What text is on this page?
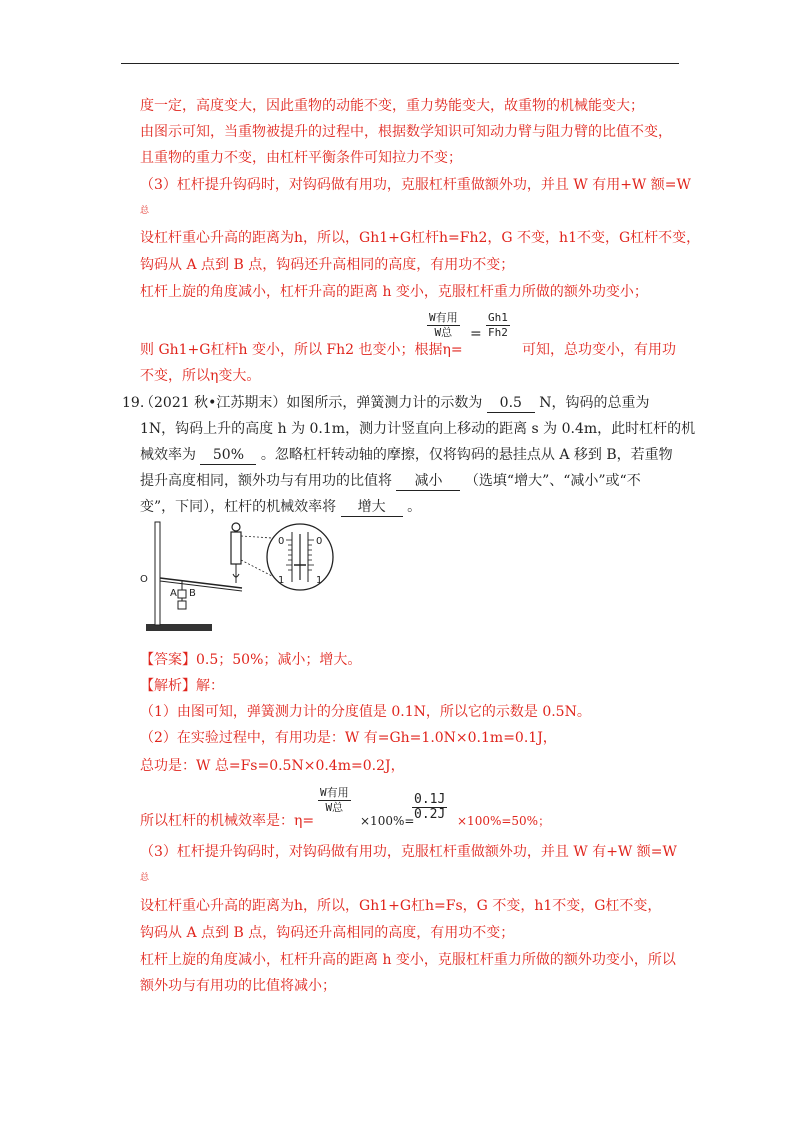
度一定，高度变大，因此重物的动能不变，重力势能变大，故重物的机械能变大；
由图示可知，当重物被提升的过程中，根据数学知识可知动力臂与阻力臂的比值不变，
且重物的重力不变，由杠杆平衡条件可知拉力不变；
（3）杠杆提升钩码时，对钩码做有用功，克服杠杆重做额外功，并且 W 有用+W 额=W
总
设杠杆重心升高的距离为h，所以，Gh1+G杠杆h=Fh2，G 不变，h1不变，G杠杆不变，
钩码从 A 点到 B 点，钩码还升高相同的高度，有用功不变；
杠杆上旋的角度减小，杠杆升高的距离 h 变小，克服杠杆重力所做的额外功变小；
W有用
W总	= $\frac{Gh1}{Fh2}$
则 Gh1+G杠杆h 变小，所以 Fh2 也变小；根据η=	可知，总功变小，有用功
不变，所以η变大。
19.
（2021 秋•江苏期末）如图所示，弹簧测力计的示数为 0.5 N，钩码的总重为
1N，钩码上升的高度 h 为 0.1m，测力计竖直向上移动的距离 s 为 0.4m，此时杠杆的机
械效率为 50% 。忽略杠杆转动轴的摩擦，仅将钩码的悬挂点从 A 移到 B，若重物
提升高度相同，额外功与有用功的比值将 减小 （选填“增大”、“减小”或“不
变”，下同），杠杆的机械效率将 增大 。
0	0
1	1
O
A B
【答案】0.5；50%；减小；增大。
【解析】解：
（1）由图可知，弹簧测力计的分度值是 0.1N，所以它的示数是 0.5N。
（2）在实验过程中，有用功是：W 有=Gh=1.0N×0.1m=0.1J，
总功是：W 总=Fs=0.5N×0.4m=0.2J，
W有用
W总	$\frac{0.1J}{0.2J}$
所以杠杆的机械效率是：η=	×100%=	×100%=50%；
（3）杠杆提升钩码时，对钩码做有用功，克服杠杆重做额外功，并且 W 有+W 额=W
总
设杠杆重心升高的距离为h，所以，Gh1+G杠h=Fs，G 不变，h1不变，G杠不变，
钩码从 A 点到 B 点，钩码还升高相同的高度，有用功不变；
杠杆上旋的角度减小，杠杆升高的距离 h 变小，克服杠杆重力所做的额外功变小，所以
额外功与有用功的比值将减小；
